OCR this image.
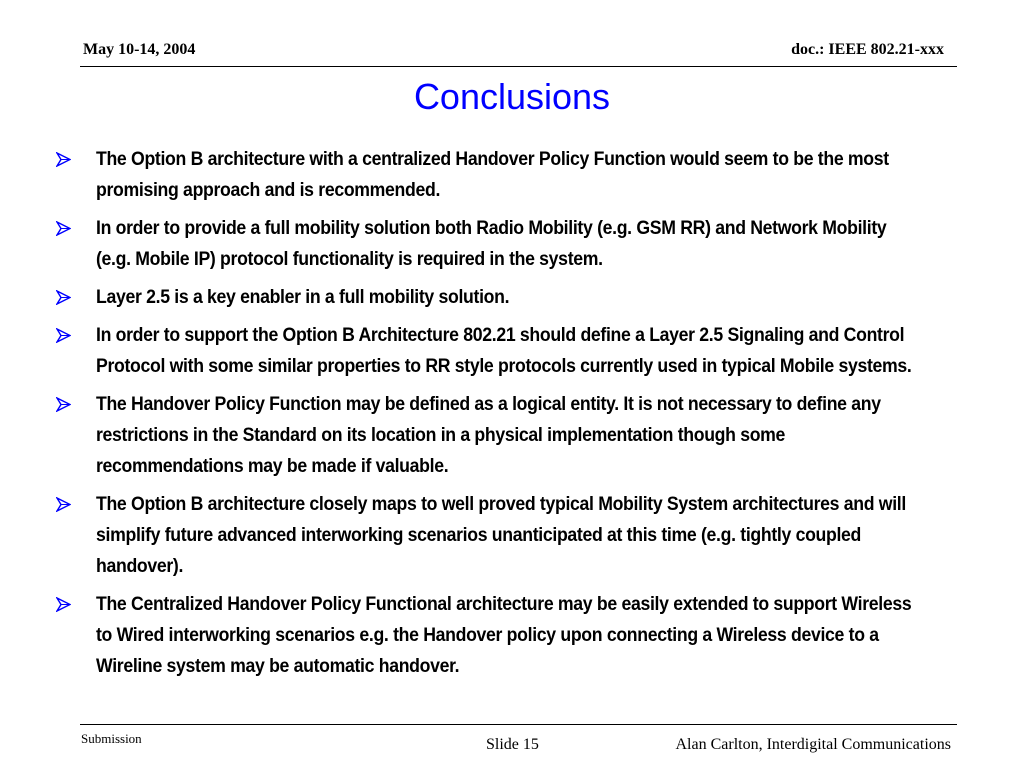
May 10-14, 2004	doc.: IEEE 802.21-xxx
Conclusions
The Option B architecture with a centralized Handover Policy Function would seem to be the most promising approach and is recommended.
In order to provide a full mobility solution both Radio Mobility (e.g. GSM RR) and Network Mobility (e.g. Mobile IP) protocol functionality is required in the system.
Layer 2.5 is a key enabler in a full mobility solution.
In order to support the Option B Architecture 802.21 should define a Layer 2.5 Signaling and Control Protocol with some similar properties to RR style protocols currently used in typical Mobile systems.
The Handover Policy Function may be defined as a logical entity. It is not necessary to define any restrictions in the Standard on its location in a physical implementation though some recommendations may be made if valuable.
The Option B architecture closely maps to well proved typical Mobility System architectures and will simplify future advanced interworking scenarios unanticipated at this time (e.g. tightly coupled handover).
The Centralized Handover Policy Functional architecture may be easily extended to support Wireless to Wired interworking scenarios e.g. the Handover policy upon connecting a Wireless device to a Wireline system may be automatic handover.
Submission	Slide 15	Alan Carlton, Interdigital Communications
